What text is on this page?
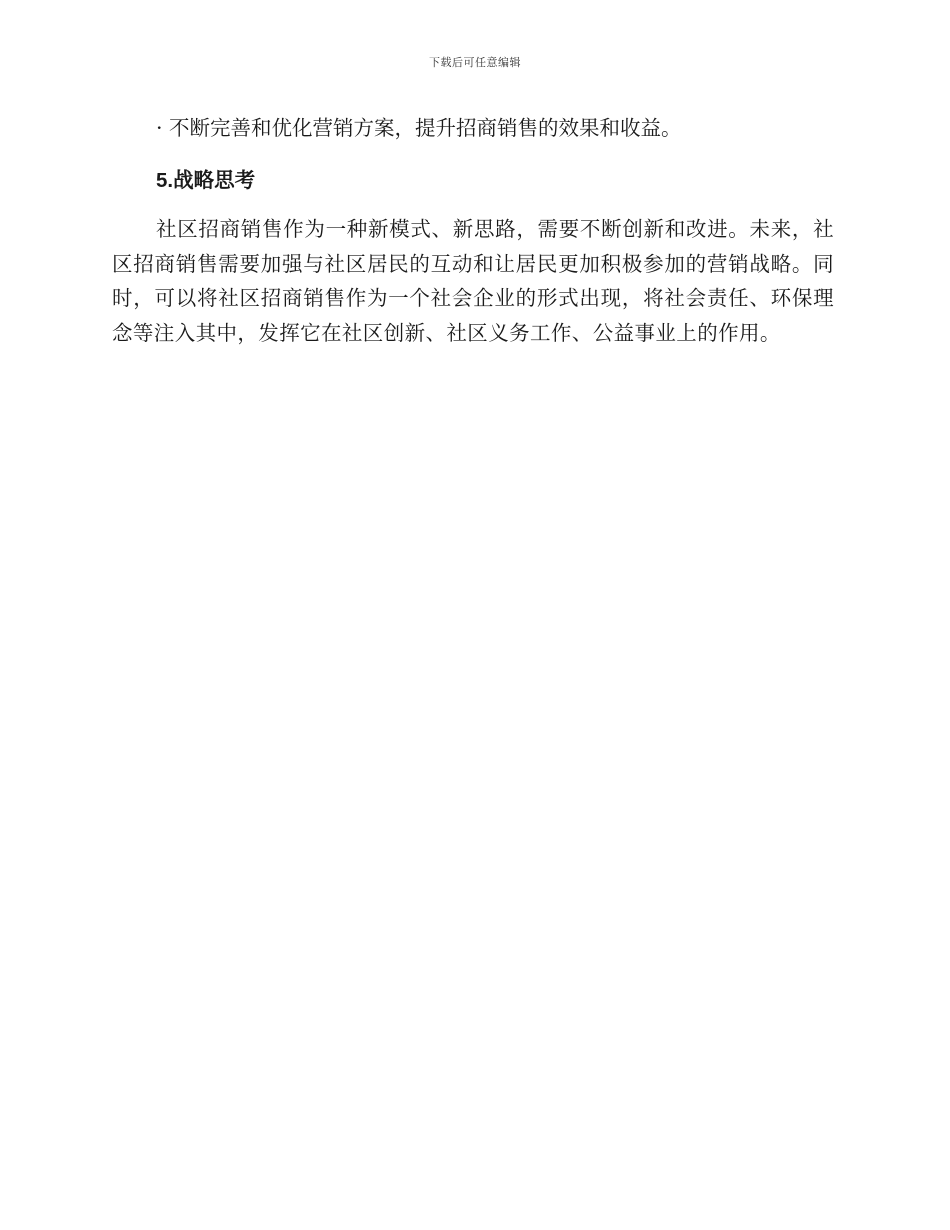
下载后可任意编辑

· 不断完善和优化营销方案，提升招商销售的效果和收益。

5.战略思考

社区招商销售作为一种新模式、新思路，需要不断创新和改进。未来，社区招商销售需要加强与社区居民的互动和让居民更加积极参加的营销战略。同时，可以将社区招商销售作为一个社会企业的形式出现，将社会责任、环保理念等注入其中，发挥它在社区创新、社区义务工作、公益事业上的作用。
